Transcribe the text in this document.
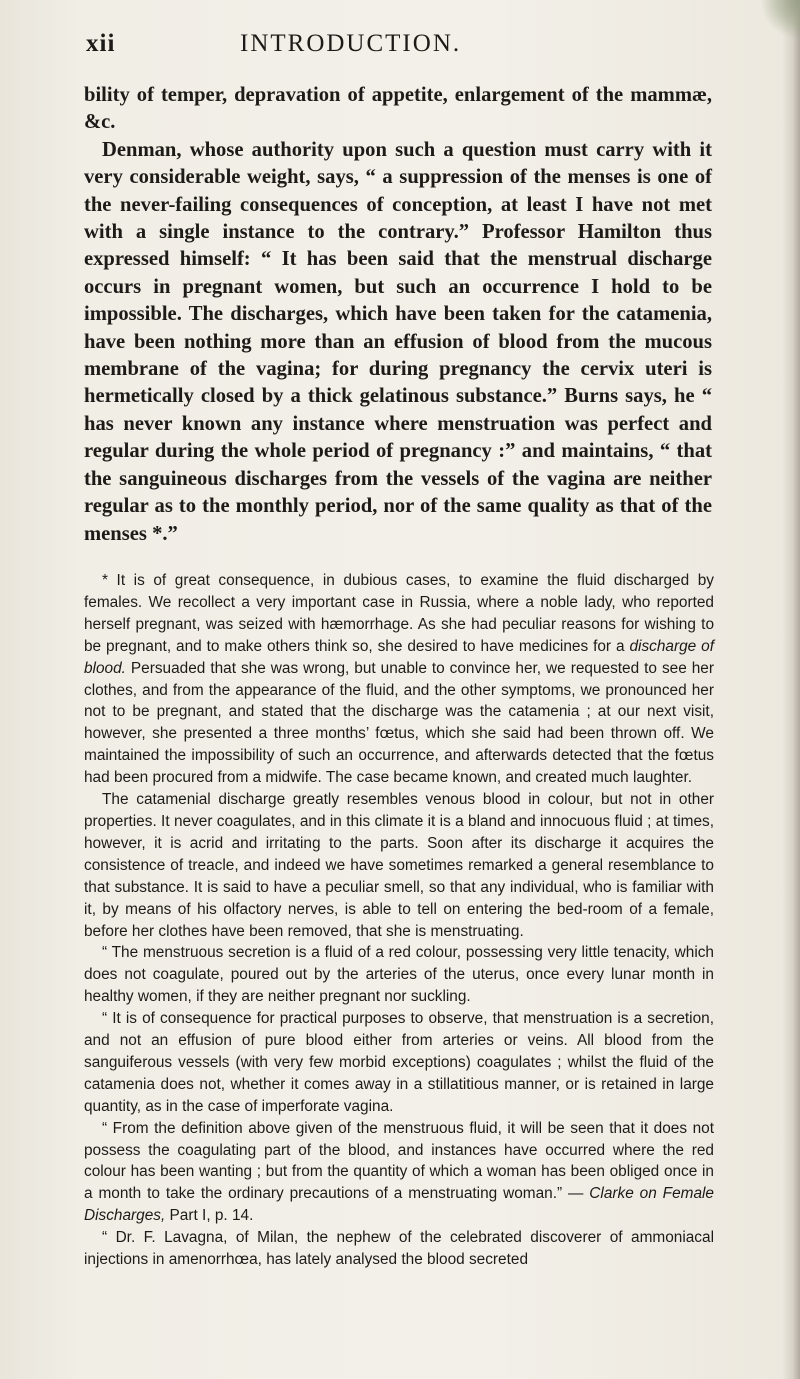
xii	INTRODUCTION.

bility of temper, depravation of appetite, enlargement of the mammæ, &c.

Denman, whose authority upon such a question must carry with it very considerable weight, says, “ a suppression of the menses is one of the never-failing consequences of conception, at least I have not met with a single instance to the contrary.” Professor Hamilton thus expressed himself: “ It has been said that the menstrual discharge occurs in pregnant women, but such an occurrence I hold to be impossible. The discharges, which have been taken for the catamenia, have been nothing more than an effusion of blood from the mucous membrane of the vagina; for during pregnancy the cervix uteri is hermetically closed by a thick gelatinous substance.” Burns says, he “ has never known any instance where menstruation was perfect and regular during the whole period of pregnancy :” and maintains, “ that the sanguineous discharges from the vessels of the vagina are neither regular as to the monthly period, nor of the same quality as that of the menses *.”

* It is of great consequence, in dubious cases, to examine the fluid discharged by females. We recollect a very important case in Russia, where a noble lady, who reported herself pregnant, was seized with hæmorrhage. As she had peculiar reasons for wishing to be pregnant, and to make others think so, she desired to have medicines for a discharge of blood. Persuaded that she was wrong, but unable to convince her, we requested to see her clothes, and from the appearance of the fluid, and the other symptoms, we pronounced her not to be pregnant, and stated that the discharge was the catamenia ; at our next visit, however, she presented a three months’ fœtus, which she said had been thrown off. We maintained the impossibility of such an occurrence, and afterwards detected that the fœtus had been procured from a midwife. The case became known, and created much laughter.

The catamenial discharge greatly resembles venous blood in colour, but not in other properties. It never coagulates, and in this climate it is a bland and innocuous fluid ; at times, however, it is acrid and irritating to the parts. Soon after its discharge it acquires the consistence of treacle, and indeed we have sometimes remarked a general resemblance to that substance. It is said to have a peculiar smell, so that any individual, who is familiar with it, by means of his olfactory nerves, is able to tell on entering the bed-room of a female, before her clothes have been removed, that she is menstruating.

“ The menstruous secretion is a fluid of a red colour, possessing very little tenacity, which does not coagulate, poured out by the arteries of the uterus, once every lunar month in healthy women, if they are neither pregnant nor suckling.

“ It is of consequence for practical purposes to observe, that menstruation is a secretion, and not an effusion of pure blood either from arteries or veins. All blood from the sanguiferous vessels (with very few morbid exceptions) coagulates ; whilst the fluid of the catamenia does not, whether it comes away in a stillatitious manner, or is retained in large quantity, as in the case of imperforate vagina.

“ From the definition above given of the menstruous fluid, it will be seen that it does not possess the coagulating part of the blood, and instances have occurred where the red colour has been wanting ; but from the quantity of which a woman has been obliged once in a month to take the ordinary precautions of a menstruating woman.” — Clarke on Female Discharges, Part I, p. 14.

“ Dr. F. Lavagna, of Milan, the nephew of the celebrated discoverer of ammoniacal injections in amenorrhœa, has lately analysed the blood secreted
